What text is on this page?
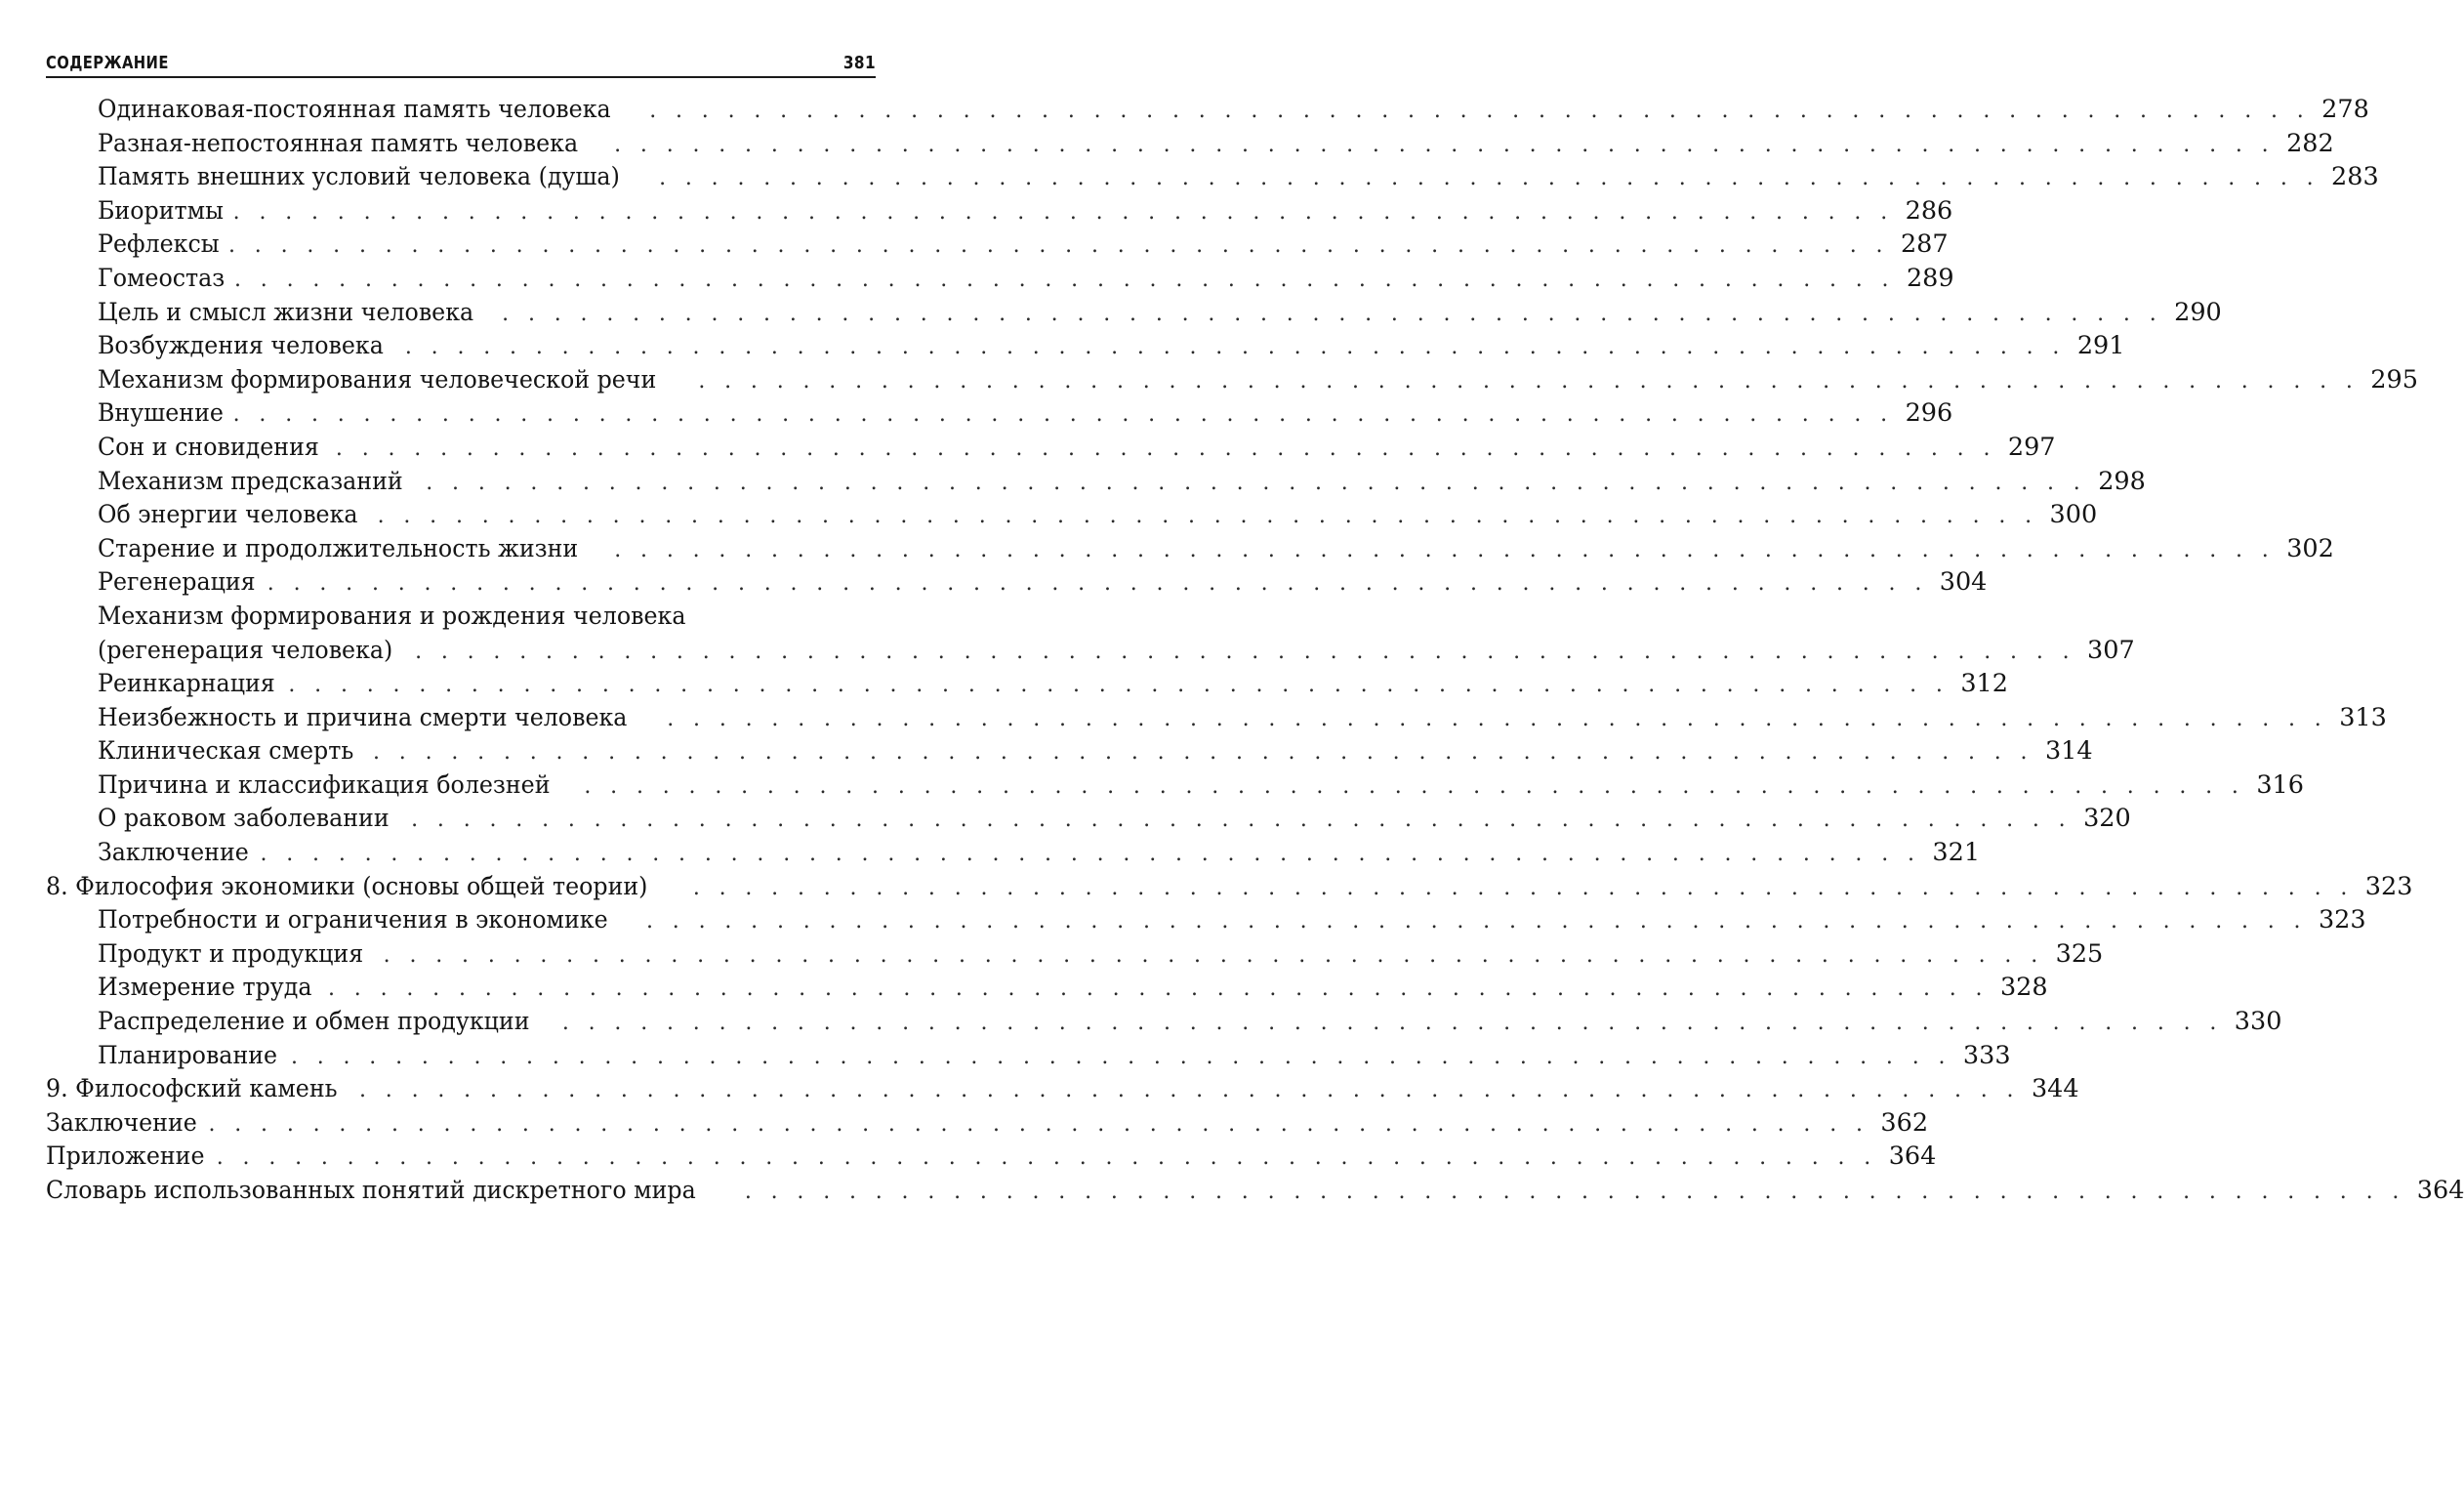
СОДЕРЖАНИЕ	381
Одинаковая-постоянная память человека . . . . . . . . . . . . . . . . . . . . . . . . . . . . . . . . . . . . . . . . . . . . . . . . . . . . . . . . . . . . . . . . 278
Разная-непостоянная память человека . . . . . . . . . . . . . . . . . . . . . . . . . . . . . . . . . . . . . . . . . . . . . . . . . . . . . . . . . . . . . . . . 282
Память внешних условий человека (душа) . . . . . . . . . . . . . . . . . . . . . . . . . . . . . . . . . . . . . . . . . . . . . . . . . . . . . . . . . . . . . . . . 283
Биоритмы . . . . . . . . . . . . . . . . . . . . . . . . . . . . . . . . . . . . . . . . . . . . . . . . . . . . . . . . . . . . . . . . 286
Рефлексы . . . . . . . . . . . . . . . . . . . . . . . . . . . . . . . . . . . . . . . . . . . . . . . . . . . . . . . . . . . . . . . . 287
Гомеостаз . . . . . . . . . . . . . . . . . . . . . . . . . . . . . . . . . . . . . . . . . . . . . . . . . . . . . . . . . . . . . . . . 289
Цель и смысл жизни человека . . . . . . . . . . . . . . . . . . . . . . . . . . . . . . . . . . . . . . . . . . . . . . . . . . . . . . . . . . . . . . . . 290
Возбуждения человека . . . . . . . . . . . . . . . . . . . . . . . . . . . . . . . . . . . . . . . . . . . . . . . . . . . . . . . . . . . . . . . . 291
Механизм формирования человеческой речи . . . . . . . . . . . . . . . . . . . . . . . . . . . . . . . . . . . . . . . . . . . . . . . . . . . . . . . . . . . . . . . . 295
Внушение . . . . . . . . . . . . . . . . . . . . . . . . . . . . . . . . . . . . . . . . . . . . . . . . . . . . . . . . . . . . . . . . 296
Сон и сновидения . . . . . . . . . . . . . . . . . . . . . . . . . . . . . . . . . . . . . . . . . . . . . . . . . . . . . . . . . . . . . . . . 297
Механизм предсказаний . . . . . . . . . . . . . . . . . . . . . . . . . . . . . . . . . . . . . . . . . . . . . . . . . . . . . . . . . . . . . . . . 298
Об энергии человека . . . . . . . . . . . . . . . . . . . . . . . . . . . . . . . . . . . . . . . . . . . . . . . . . . . . . . . . . . . . . . . . 300
Старение и продолжительность жизни . . . . . . . . . . . . . . . . . . . . . . . . . . . . . . . . . . . . . . . . . . . . . . . . . . . . . . . . . . . . . . . . 302
Регенерация . . . . . . . . . . . . . . . . . . . . . . . . . . . . . . . . . . . . . . . . . . . . . . . . . . . . . . . . . . . . . . . . 304
Механизм формирования и рождения человека
(регенерация человека) . . . . . . . . . . . . . . . . . . . . . . . . . . . . . . . . . . . . . . . . . . . . . . . . . . . . . . . . . . . . . . . . 307
Реинкарнация . . . . . . . . . . . . . . . . . . . . . . . . . . . . . . . . . . . . . . . . . . . . . . . . . . . . . . . . . . . . . . . . 312
Неизбежность и причина смерти человека . . . . . . . . . . . . . . . . . . . . . . . . . . . . . . . . . . . . . . . . . . . . . . . . . . . . . . . . . . . . . . . . 313
Клиническая смерть . . . . . . . . . . . . . . . . . . . . . . . . . . . . . . . . . . . . . . . . . . . . . . . . . . . . . . . . . . . . . . . . 314
Причина и классификация болезней . . . . . . . . . . . . . . . . . . . . . . . . . . . . . . . . . . . . . . . . . . . . . . . . . . . . . . . . . . . . . . . . 316
О раковом заболевании . . . . . . . . . . . . . . . . . . . . . . . . . . . . . . . . . . . . . . . . . . . . . . . . . . . . . . . . . . . . . . . . 320
Заключение . . . . . . . . . . . . . . . . . . . . . . . . . . . . . . . . . . . . . . . . . . . . . . . . . . . . . . . . . . . . . . . . 321
8. Философия экономики (основы общей теории) . . . . . . . . . . . . . . . . . . . . . . . . . . . . . . . . . . . . . . . . . . . . . . . . . . . . . . . . . . . . . . . . 323
Потребности и ограничения в экономике . . . . . . . . . . . . . . . . . . . . . . . . . . . . . . . . . . . . . . . . . . . . . . . . . . . . . . . . . . . . . . . . 323
Продукт и продукция . . . . . . . . . . . . . . . . . . . . . . . . . . . . . . . . . . . . . . . . . . . . . . . . . . . . . . . . . . . . . . . . 325
Измерение труда . . . . . . . . . . . . . . . . . . . . . . . . . . . . . . . . . . . . . . . . . . . . . . . . . . . . . . . . . . . . . . . . 328
Распределение и обмен продукции . . . . . . . . . . . . . . . . . . . . . . . . . . . . . . . . . . . . . . . . . . . . . . . . . . . . . . . . . . . . . . . . 330
Планирование . . . . . . . . . . . . . . . . . . . . . . . . . . . . . . . . . . . . . . . . . . . . . . . . . . . . . . . . . . . . . . . . 333
9. Философский камень . . . . . . . . . . . . . . . . . . . . . . . . . . . . . . . . . . . . . . . . . . . . . . . . . . . . . . . . . . . . . . . . 344
Заключение . . . . . . . . . . . . . . . . . . . . . . . . . . . . . . . . . . . . . . . . . . . . . . . . . . . . . . . . . . . . . . . . 362
Приложение . . . . . . . . . . . . . . . . . . . . . . . . . . . . . . . . . . . . . . . . . . . . . . . . . . . . . . . . . . . . . . . . 364
Словарь использованных понятий дискретного мира . . . . . . . . . . . . . . . . . . . . . . . . . . . . . . . . . . . . . . . . . . . . . . . . . . . . . . . . . . . . . . . . 364
